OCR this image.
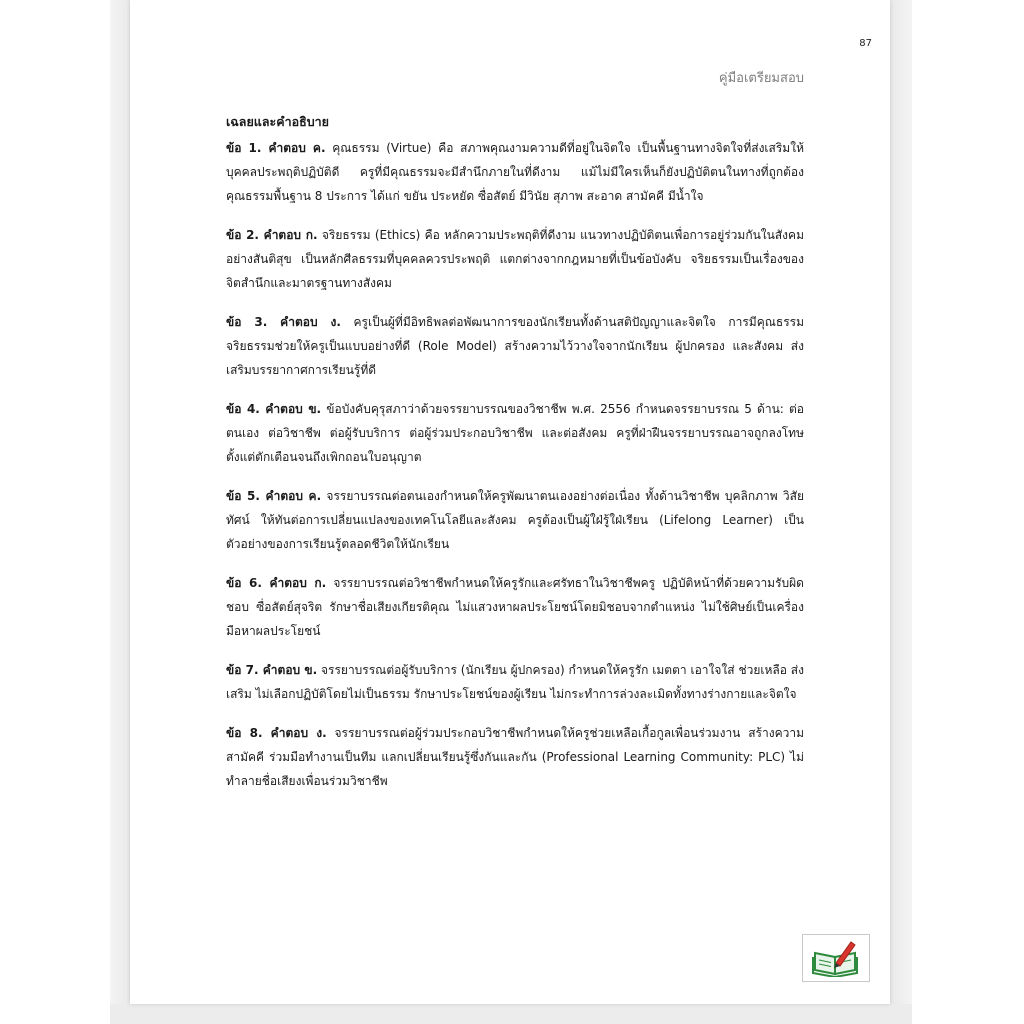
87
คู่มือเตรียมสอบ
เฉลยและคำอธิบาย

ข้อ 1. คำตอบ ค. คุณธรรม (Virtue) คือ สภาพคุณงามความดีที่อยู่ในจิตใจ เป็นพื้นฐานทางจิตใจที่ส่งเสริมให้บุคคลประพฤติปฏิบัติดี ครูที่มีคุณธรรมจะมีสำนึกภายในที่ดีงาม แม้ไม่มีใครเห็นก็ยังปฏิบัติตนในทางที่ถูกต้อง คุณธรรมพื้นฐาน 8 ประการ ได้แก่ ขยัน ประหยัด ซื่อสัตย์ มีวินัย สุภาพ สะอาด สามัคคี มีน้ำใจ

ข้อ 2. คำตอบ ก. จริยธรรม (Ethics) คือ หลักความประพฤติที่ดีงาม แนวทางปฏิบัติตนเพื่อการอยู่ร่วมกันในสังคมอย่างสันติสุข เป็นหลักศีลธรรมที่บุคคลควรประพฤติ แตกต่างจากกฎหมายที่เป็นข้อบังคับ จริยธรรมเป็นเรื่องของจิตสำนึกและมาตรฐานทางสังคม

ข้อ 3. คำตอบ ง. ครูเป็นผู้ที่มีอิทธิพลต่อพัฒนาการของนักเรียนทั้งด้านสติปัญญาและจิตใจ การมีคุณธรรมจริยธรรมช่วยให้ครูเป็นแบบอย่างที่ดี (Role Model) สร้างความไว้วางใจจากนักเรียน ผู้ปกครอง และสังคม ส่งเสริมบรรยากาศการเรียนรู้ที่ดี

ข้อ 4. คำตอบ ข. ข้อบังคับคุรุสภาว่าด้วยจรรยาบรรณของวิชาชีพ พ.ศ. 2556 กำหนดจรรยาบรรณ 5 ด้าน: ต่อตนเอง ต่อวิชาชีพ ต่อผู้รับบริการ ต่อผู้ร่วมประกอบวิชาชีพ และต่อสังคม ครูที่ฝ่าฝืนจรรยาบรรณอาจถูกลงโทษตั้งแต่ตักเตือนจนถึงเพิกถอนใบอนุญาต

ข้อ 5. คำตอบ ค. จรรยาบรรณต่อตนเองกำหนดให้ครูพัฒนาตนเองอย่างต่อเนื่อง ทั้งด้านวิชาชีพ บุคลิกภาพ วิสัยทัศน์ ให้ทันต่อการเปลี่ยนแปลงของเทคโนโลยีและสังคม ครูต้องเป็นผู้ใฝ่รู้ใฝ่เรียน (Lifelong Learner) เป็นตัวอย่างของการเรียนรู้ตลอดชีวิตให้นักเรียน

ข้อ 6. คำตอบ ก. จรรยาบรรณต่อวิชาชีพกำหนดให้ครูรักและศรัทธาในวิชาชีพครู ปฏิบัติหน้าที่ด้วยความรับผิดชอบ ซื่อสัตย์สุจริต รักษาชื่อเสียงเกียรติคุณ ไม่แสวงหาผลประโยชน์โดยมิชอบจากตำแหน่ง ไม่ใช้ศิษย์เป็นเครื่องมือหาผลประโยชน์

ข้อ 7. คำตอบ ข. จรรยาบรรณต่อผู้รับบริการ (นักเรียน ผู้ปกครอง) กำหนดให้ครูรัก เมตตา เอาใจใส่ ช่วยเหลือ ส่งเสริม ไม่เลือกปฏิบัติโดยไม่เป็นธรรม รักษาประโยชน์ของผู้เรียน ไม่กระทำการล่วงละเมิดทั้งทางร่างกายและจิตใจ

ข้อ 8. คำตอบ ง. จรรยาบรรณต่อผู้ร่วมประกอบวิชาชีพกำหนดให้ครูช่วยเหลือเกื้อกูลเพื่อนร่วมงาน สร้างความสามัคคี ร่วมมือทำงานเป็นทีม แลกเปลี่ยนเรียนรู้ซึ่งกันและกัน (Professional Learning Community: PLC) ไม่ทำลายชื่อเสียงเพื่อนร่วมวิชาชีพ
